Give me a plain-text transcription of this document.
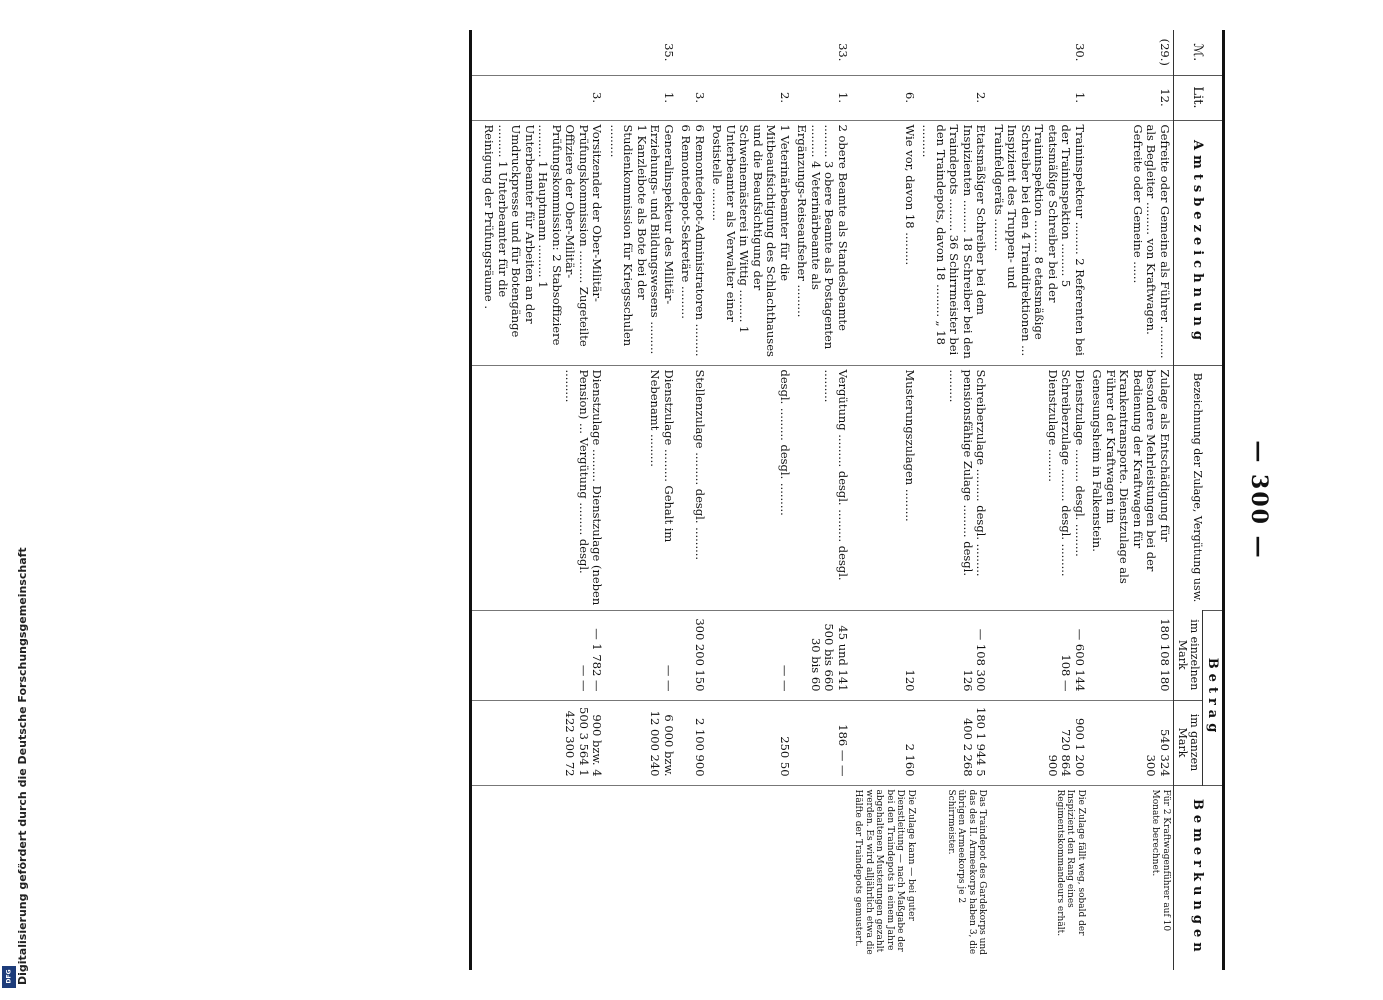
Digitalisierung gefördert durch die Deutsche Forschungsgemeinschaft
DFG
— 300 —
ℳ.	Lit.	Amtsbezeichnung	Bezeichnung der Zulage, Vergütung usw.	Betrag		Bemerkungen
				im einzelnen Mark	im ganzen Mark	
(29.)	12.	Gefreite oder Gemeine als Führer ......... als Begleiter ......... von Kraftwagen. Gefreite oder Gemeine ......	Zulage als Entschädigung für besondere Mehrleistungen bei der Bedienung der Kraftwagen für Krankentransporte. Dienstzulage als Führer der Kraftwagen im Genesungsheim in Falkenstein.	180 108 180	540 324 300	Für 2 Kraftwagenführer auf 10 Monate berechnet.
30.	1.	Traininspekteur ......... 2 Referenten bei der Traininspektion ......... 5 etatsmäßige Schreiber bei der Traininspektion ......... 8 etatsmäßige Schreiber bei den 4 Traindirektionen ... Inspizient des Truppen- und Trainfeldgeräts .........	Dienstzulage ......... desgl. ......... Schreiberzulage ......... desgl. ......... Dienstzulage .........	— 600 144 108 —	900 1 200 720 864 900	Die Zulage fällt weg, sobald der Inspizient den Rang eines Regimentskommandeurs erhält.
	2.	Etatsmäßiger Schreiber bei dem Inspizienten ......... 18 Schreiber bei den Traindepots ......... 36 Schirrmeister bei den Traindepots, davon 18 ......... „ 18 .........	Schreiberzulage ......... desgl. ......... pensionsfähige Zulage ......... desgl. .........	— 108 300 126	180 1 944 5 400 2 268	Das Traindepot des Gardekorps und das des II. Armeekorps haben 3, die übrigen Armeekorps je 2 Schirrmeister.
	6.	Wie vor, davon 18 .........	Musterungszulagen .........	120	2 160	Die Zulage kann — bei guter Dienstleitung — nach Maßgabe der bei den Traindepots in einem Jahre abgehaltenen Musterungen gezahlt werden. Es wird alljährlich etwa die Hälfte der Traindepots gemustert.
33.	1.	2 obere Beamte als Standesbeamte ......... 3 obere Beamte als Postagenten ......... 4 Veterinärbeamte als Ergänzungs-Reiseaufseher .........	Vergütung ......... desgl. ......... desgl. .........	45 und 141 500 bis 660 30 bis 60	186 — —	
	2.	1 Veterinärbeamter für die Mitbeaufsichtigung des Schlachthauses und die Beaufsichtigung der Schweinemästerei in Wittig ......... 1 Unterbeamter als Verwalter einer Postistelle .........	desgl. ......... desgl. .........	— —	250 50	
	3.	6 Remontedepot-Administratoren ......... 6 Remontedepot-Sekretäre .........	Stellenzulage ......... desgl. .........	300 200 150	2 100 900	
35.	1.	Generalinspekteur des Militär-Erziehungs- und Bildungswesens ......... 1 Kanzleibote als Bote bei der Studienkommission für Kriegsschulen .........	Dienstzulage ......... Gehalt im Nebenamt .........	— —	6 000 bzw. 12 000 240	
	3.	Vorsitzender der Ober-Militär-Prüfungskommission ......... Zugeteilte Offiziere der Ober-Militär-Prüfungskommission: 2 Stabsoffiziere ......... 1 Hauptmann ......... 1 Unterbeamter für Arbeiten an der Umdruckpresse und für Botengänge ......... 1 Unterbeamter für die Reinigung der Prüfungsräume .	Dienstzulage ......... Dienstzulage (neben Pension) ... Vergütung ......... desgl. .........	— 1 782 — — —	900 bzw. 4 500 3 564 1 422 300 72	
